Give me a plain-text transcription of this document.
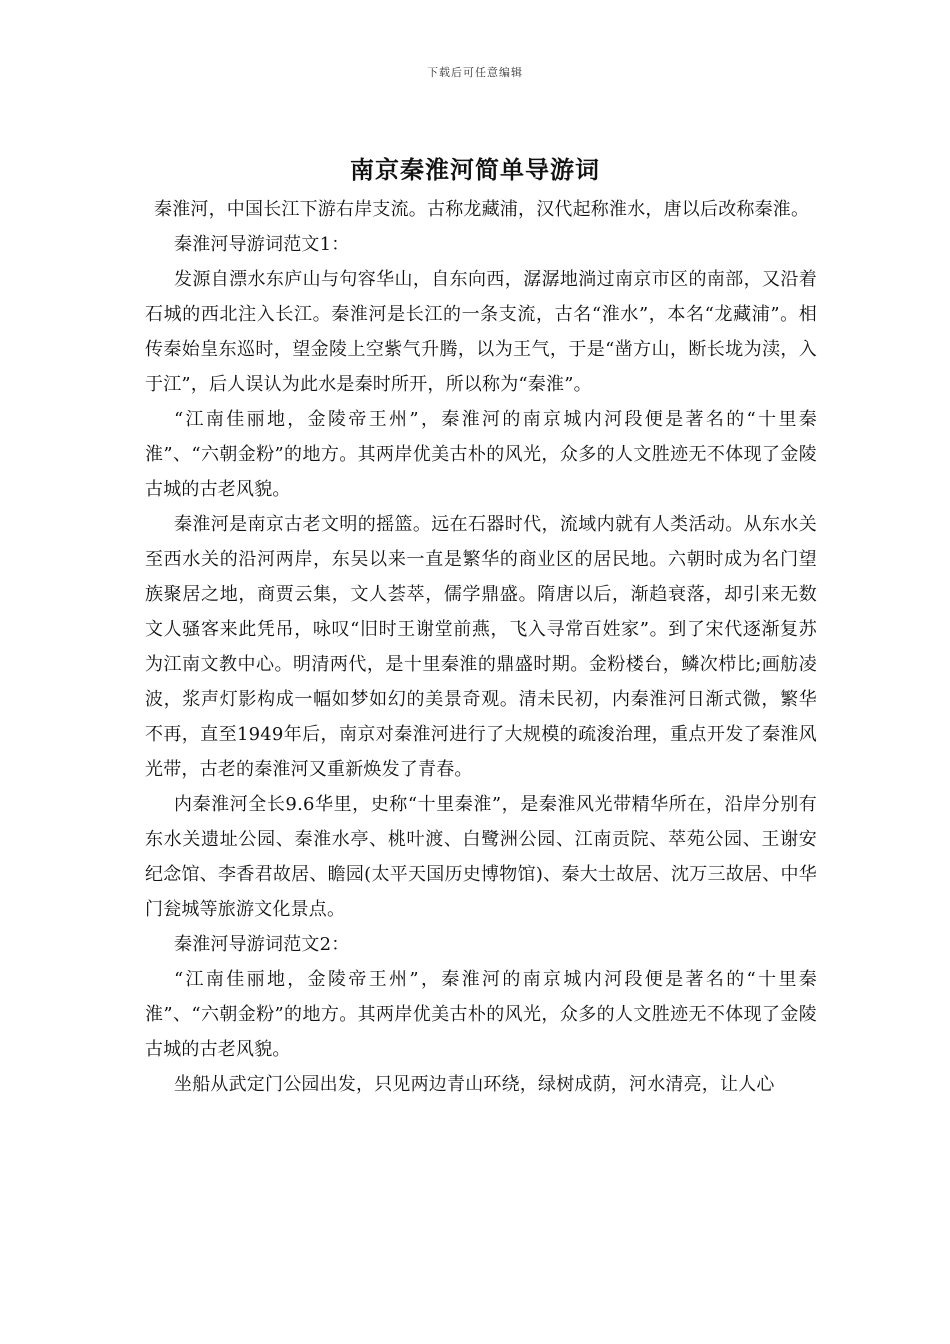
下载后可任意编辑
南京秦淮河简单导游词

秦淮河，中国长江下游右岸支流。古称龙藏浦，汉代起称淮水，唐以后改称秦淮。

秦淮河导游词范文1：

发源自漂水东庐山与句容华山，自东向西，潺潺地淌过南京市区的南部，又沿着石城的西北注入长江。秦淮河是长江的一条支流，古名“淮水”，本名“龙藏浦”。相传秦始皇东巡时，望金陵上空紫气升腾，以为王气，于是“凿方山，断长垅为渎，入于江”，后人误认为此水是秦时所开，所以称为“秦淮”。

“江南佳丽地，金陵帝王州”，秦淮河的南京城内河段便是著名的“十里秦淮”、“六朝金粉”的地方。其两岸优美古朴的风光，众多的人文胜迹无不体现了金陵古城的古老风貌。

秦淮河是南京古老文明的摇篮。远在石器时代，流域内就有人类活动。从东水关至西水关的沿河两岸，东吴以来一直是繁华的商业区的居民地。六朝时成为名门望族聚居之地，商贾云集，文人荟萃，儒学鼎盛。隋唐以后，渐趋衰落，却引来无数文人骚客来此凭吊，咏叹“旧时王谢堂前燕，飞入寻常百姓家”。到了宋代逐渐复苏为江南文教中心。明清两代，是十里秦淮的鼎盛时期。金粉楼台，鳞次栉比;画舫凌波，浆声灯影构成一幅如梦如幻的美景奇观。清未民初，内秦淮河日渐式微，繁华不再，直至1949年后，南京对秦淮河进行了大规模的疏浚治理，重点开发了秦淮风光带，古老的秦淮河又重新焕发了青春。

内秦淮河全长9.6华里，史称“十里秦淮”，是秦淮风光带精华所在，沿岸分别有东水关遗址公园、秦淮水亭、桃叶渡、白鹭洲公园、江南贡院、萃苑公园、王谢安纪念馆、李香君故居、瞻园(太平天国历史博物馆)、秦大士故居、沈万三故居、中华门瓮城等旅游文化景点。

秦淮河导游词范文2：

“江南佳丽地，金陵帝王州”，秦淮河的南京城内河段便是著名的“十里秦淮”、“六朝金粉”的地方。其两岸优美古朴的风光，众多的人文胜迹无不体现了金陵古城的古老风貌。

坐船从武定门公园出发，只见两边青山环绕，绿树成荫，河水清亮，让人心
